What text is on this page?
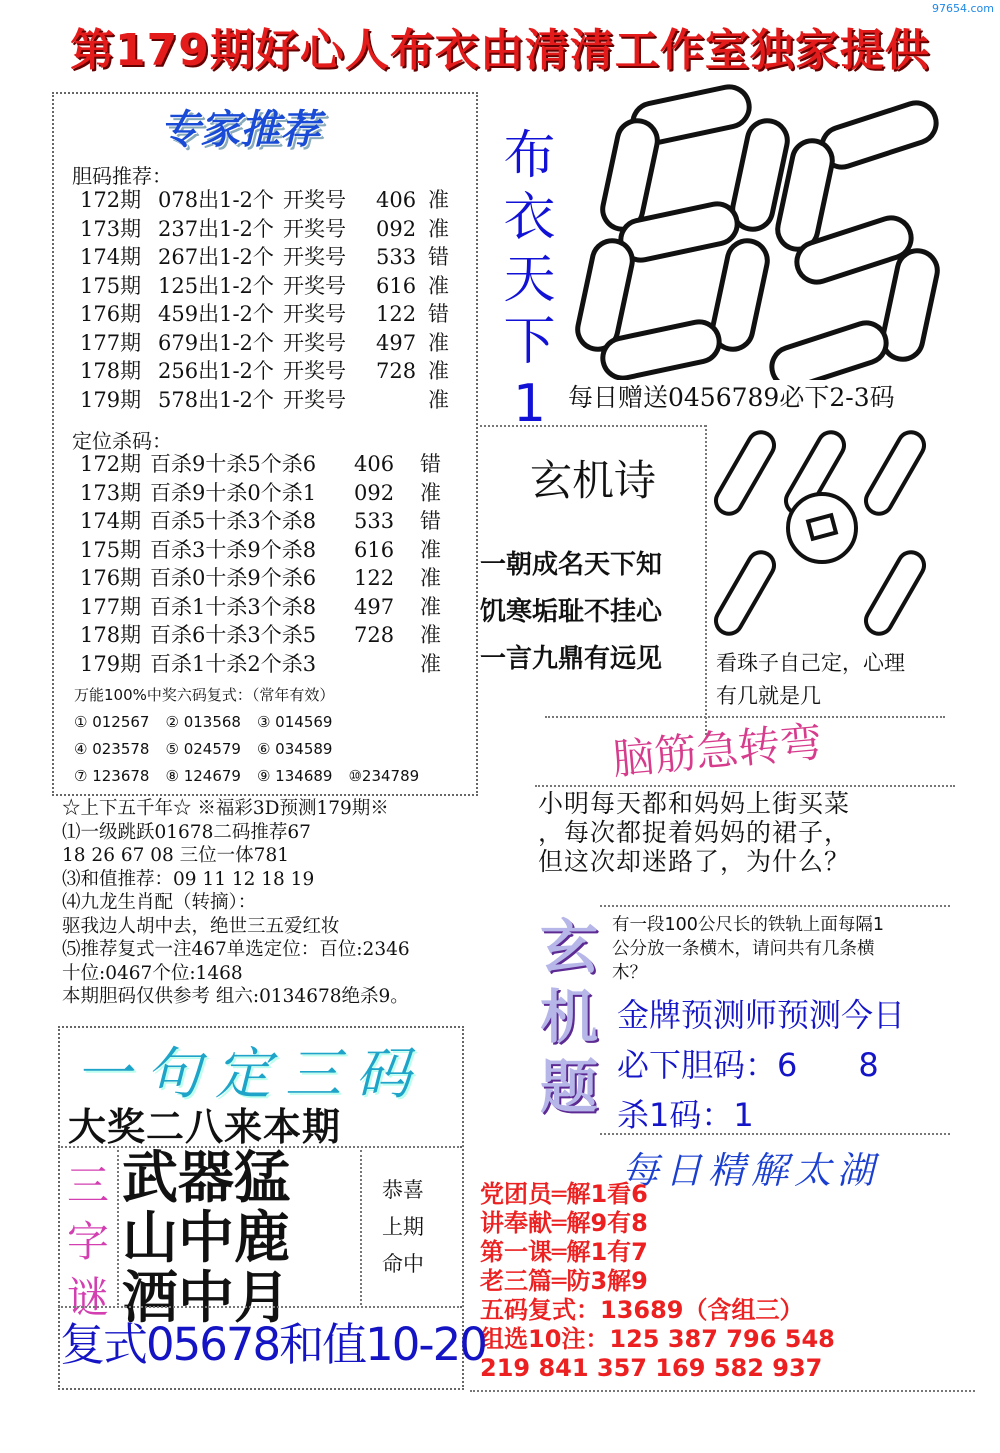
97654.com
第179期好心人布衣由清清工作室独家提供
专家推荐
胆码推荐：
172期 078出1-2个 开奖号	406 准
173期 237出1-2个 开奖号	092 准
174期 267出1-2个 开奖号	533 错
175期 125出1-2个 开奖号	616 准
176期 459出1-2个 开奖号	122 错
177期 679出1-2个 开奖号	497 准
178期 256出1-2个 开奖号	728 准
179期 578出1-2个 开奖号	准
定位杀码：
172期 百杀9十杀5个杀6	406	错
173期 百杀9十杀0个杀1	092	准
174期 百杀5十杀3个杀8	533	错
175期 百杀3十杀9个杀8	616	准
176期 百杀0十杀9个杀6	122	准
177期 百杀1十杀3个杀8	497	准
178期 百杀6十杀3个杀5	728	准
179期 百杀1十杀2个杀3	准
万能100%中奖六码复式：（常年有效）
① 012567 ② 013568 ③ 014569
④ 023578 ⑤ 024579 ⑥ 034589
⑦ 123678 ⑧ 124679 ⑨ 134689 ⑩234789
☆上下五千年☆ ※福彩3D预测179期※
⑴一级跳跃01678二码推荐67
18 26 67 08 三位一体781
⑶和值推荐：09 11 12 18 19
⑷九龙生肖配（转摘）：
驱我边人胡中去，绝世三五爱红妆
⑸推荐复式一注467单选定位：百位:2346
十位:0467个位:1468
本期胆码仅供参考 组六:0134678绝杀9。
布
衣
天
下
1 每日赠送0456789必下2-3码
玄机诗
一朝成名天下知
饥寒垢耻不挂心
一言九鼎有远见	看珠子自己定，心理
有几就是几
脑筋急转弯
小明每天都和妈妈上街买菜
，每次都捉着妈妈的裙子，
但这次却迷路了，为什么？
玄
机
题
有一段100公尺长的铁轨上面每隔1
公分放一条横木，请问共有几条横
木？
金牌预测师预测今日
必下胆码：6      8
杀1码：1
每日精解太湖
党团员═解1看6
讲奉献═解9有8
第一课═解1有7
老三篇═防3解9
五码复式：13689（含组三）
组选10注：125 387 796 548
219 841 357 169 582 937
一句定三码
大奖二八来本期
三
字
谜
武器猛
山中鹿
酒中月
恭喜
上期
命中
复式05678和值10-20
